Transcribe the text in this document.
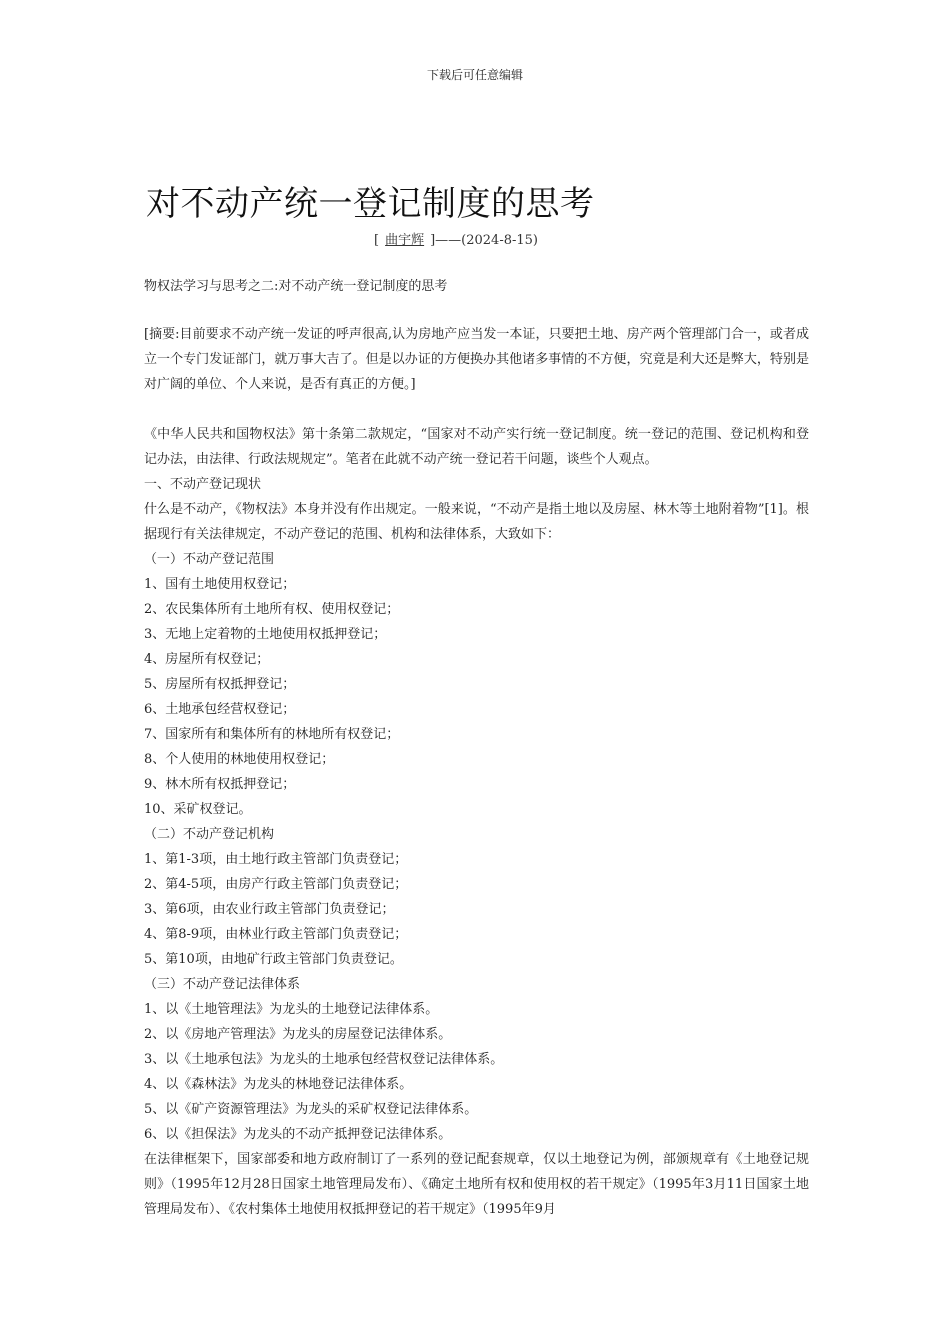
下载后可任意编辑
对不动产统一登记制度的思考
[ 曲宇辉 ]——(2024-8-15)
物权法学习与思考之二:对不动产统一登记制度的思考
[摘要:目前要求不动产统一发证的呼声很高,认为房地产应当发一本证，只要把土地、房产两个管理部门合一，或者成立一个专门发证部门，就万事大吉了。但是以办证的方便换办其他诸多事情的不方便，究竟是利大还是弊大，特别是对广阔的单位、个人来说，是否有真正的方便。]

《中华人民共和国物权法》第十条第二款规定，“国家对不动产实行统一登记制度。统一登记的范围、登记机构和登记办法，由法律、行政法规规定”。笔者在此就不动产统一登记若干问题，谈些个人观点。

一、不动产登记现状

什么是不动产，《物权法》本身并没有作出规定。一般来说，“不动产是指土地以及房屋、林木等土地附着物”[1]。根据现行有关法律规定，不动产登记的范围、机构和法律体系，大致如下：

（一）不动产登记范围

1、国有土地使用权登记；

2、农民集体所有土地所有权、使用权登记；

3、无地上定着物的土地使用权抵押登记；

4、房屋所有权登记；

5、房屋所有权抵押登记；

6、土地承包经营权登记；

7、国家所有和集体所有的林地所有权登记；

8、个人使用的林地使用权登记；

9、林木所有权抵押登记；

10、采矿权登记。

（二）不动产登记机构

1、第1-3项，由土地行政主管部门负责登记；

2、第4-5项，由房产行政主管部门负责登记；

3、第6项，由农业行政主管部门负责登记；

4、第8-9项，由林业行政主管部门负责登记；

5、第10项，由地矿行政主管部门负责登记。

（三）不动产登记法律体系

1、以《土地管理法》为龙头的土地登记法律体系。

2、以《房地产管理法》为龙头的房屋登记法律体系。

3、以《土地承包法》为龙头的土地承包经营权登记法律体系。

4、以《森林法》为龙头的林地登记法律体系。

5、以《矿产资源管理法》为龙头的采矿权登记法律体系。

6、以《担保法》为龙头的不动产抵押登记法律体系。

在法律框架下，国家部委和地方政府制订了一系列的登记配套规章，仅以土地登记为例，部颁规章有《土地登记规则》（1995年12月28日国家土地管理局发布）、《确定土地所有权和使用权的若干规定》（1995年3月11日国家土地管理局发布）、《农村集体土地使用权抵押登记的若干规定》（1995年9月
